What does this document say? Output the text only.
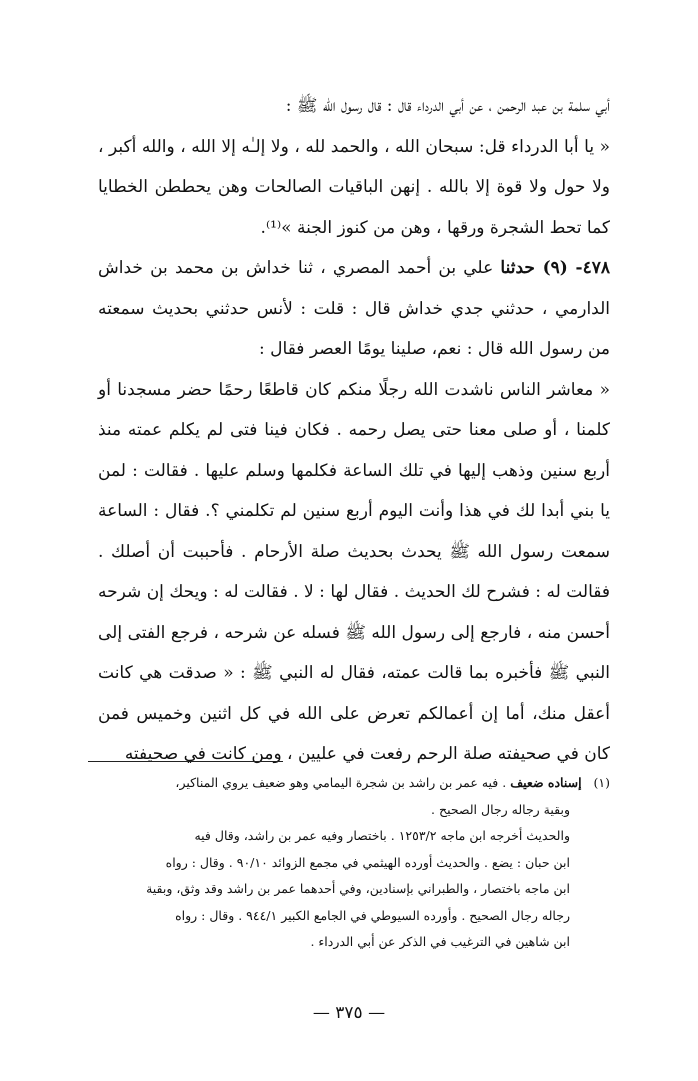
أبي سلمة بن عبد الرحمن ، عن أبي الدرداء قال : قال رسول الله ﷺ :

« يا أبا الدرداء قل: سبحان الله ، والحمد لله ، ولا إلـٰه إلا الله ، والله أكبر ، ولا حول ولا قوة إلا بالله . إنهن الباقيات الصالحات وهن يحططن الخطايا كما تحط الشجرة ورقها ، وهن من كنوز الجنة »⁽¹⁾.

٤٧٨- (٩) حدثنا علي بن أحمد المصري ، ثنا خداش بن محمد بن خداش الدارمي ، حدثني جدي خداش قال : قلت : لأنس حدثني بحديث سمعته من رسول الله قال : نعم، صلينا يومًا العصر فقال :

« معاشر الناس ناشدت الله رجلًا منكم كان قاطعًا رحمًا حضر مسجدنا أو كلمنا ، أو صلى معنا حتى يصل رحمه . فكان فينا فتى لم يكلم عمته منذ أربع سنين وذهب إليها في تلك الساعة فكلمها وسلم عليها . فقالت : لمن يا بني أبدا لك في هذا وأنت اليوم أربع سنين لم تكلمني ؟. فقال : الساعة سمعت رسول الله ﷺ يحدث بحديث صلة الأرحام . فأحببت أن أصلك . فقالت له : فشرح لك الحديث . فقال لها : لا . فقالت له : ويحك إن شرحه أحسن منه ، فارجع إلى رسول الله ﷺ فسله عن شرحه ، فرجع الفتى إلى النبي ﷺ فأخبره بما قالت عمته، فقال له النبي ﷺ : « صدقت هي كانت أعقل منك، أما إن أعمالكم تعرض على الله في كل اثنين وخميس فمن كان في صحيفته صلة الرحم رفعت في عليين ، ومن كانت في صحيفته

(١)   إسناده ضعيف . فيه عمر بن راشد بن شجرة اليمامي وهو ضعيف يروي المناكير،

وبقية رجاله رجال الصحيح .

والحديث أخرجه ابن ماجه ١٢٥٣/٢ . باختصار وفيه عمر بن راشد، وقال فيه

ابن حبان : يضع . والحديث أورده الهيثمي في مجمع الزوائد ٩٠/١٠ . وقال : رواه

ابن ماجه باختصار ، والطبراني بإسنادين، وفي أحدهما عمر بن راشد وقد وثق، وبقية

رجاله رجال الصحيح . وأورده السيوطي في الجامع الكبير ٩٤٤/١ . وقال : رواه

ابن شاهين في الترغيب في الذكر عن أبي الدرداء .

— ٣٧٥ —
